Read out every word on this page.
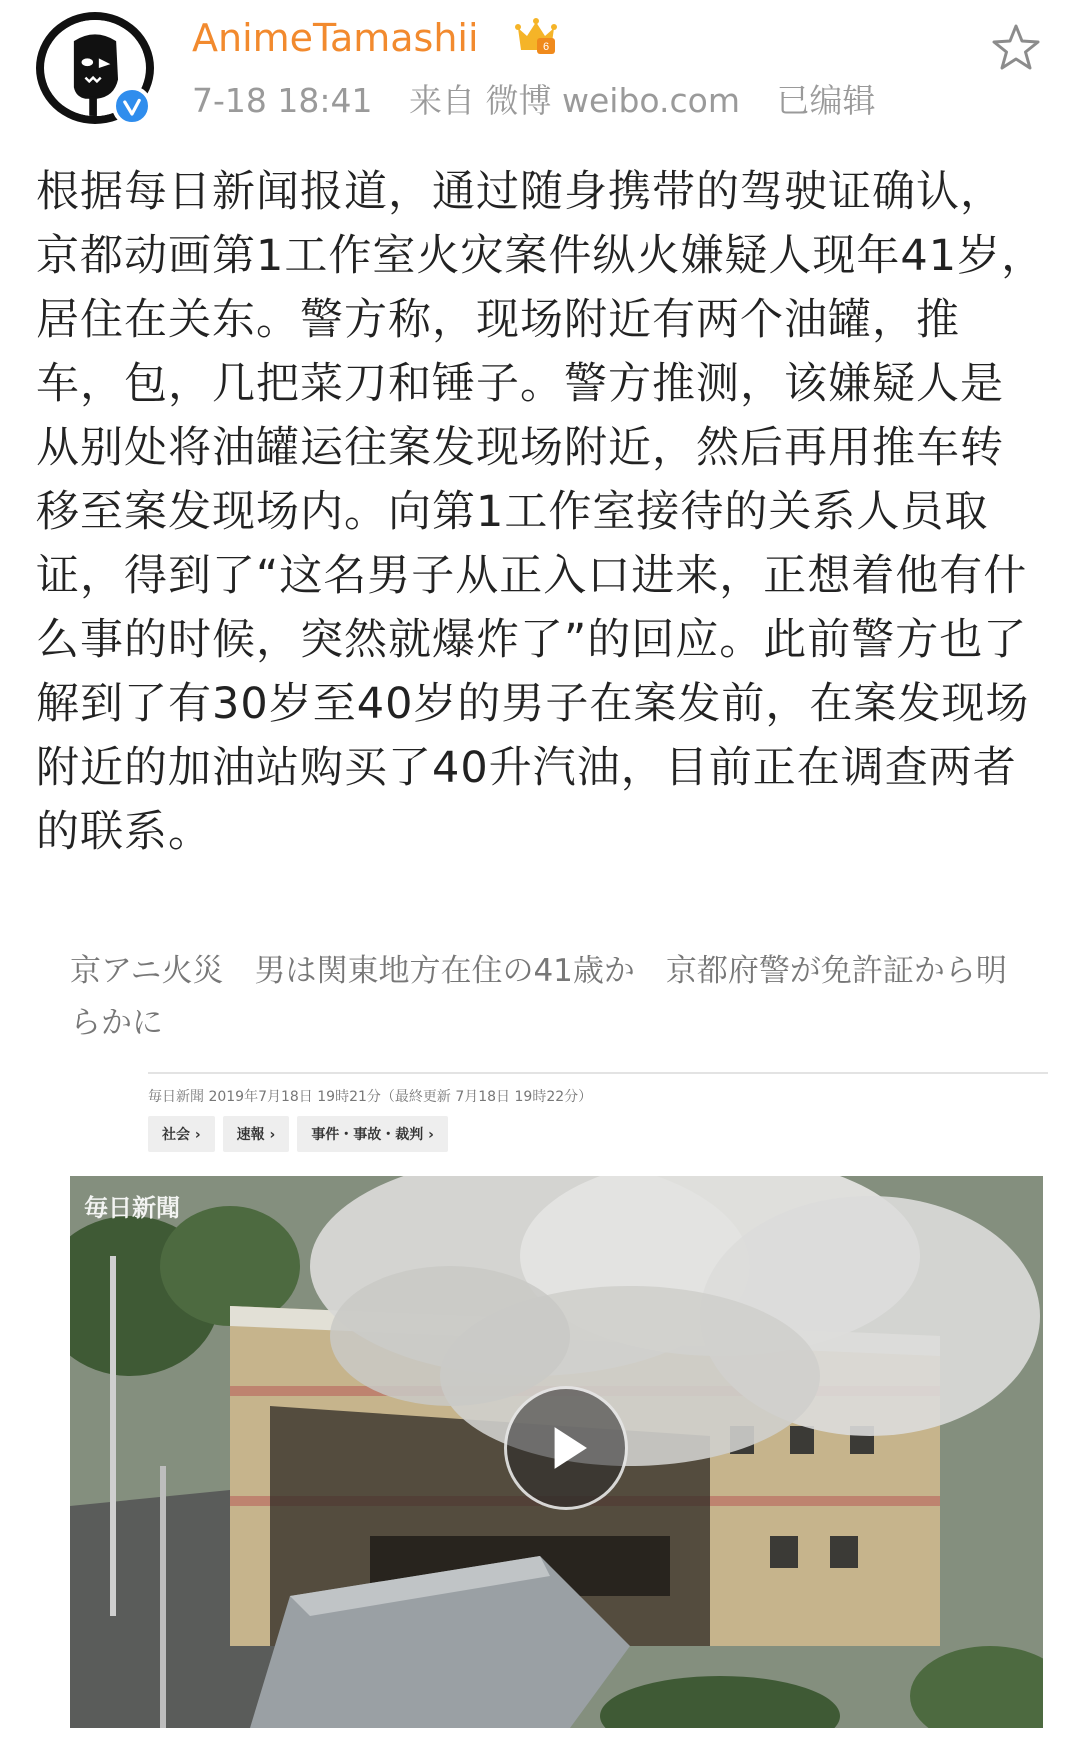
AnimeTamashii	6
7-18 18:41 来自 微博 weibo.com 已编辑
根据每日新闻报道，通过随身携带的驾驶证确认，京都动画第1工作室火灾案件纵火嫌疑人现年41岁，居住在关东。警方称，现场附近有两个油罐，推车，包，几把菜刀和锤子。警方推测，该嫌疑人是从别处将油罐运往案发现场附近，然后再用推车转移至案发现场内。向第1工作室接待的关系人员取证，得到了“这名男子从正入口进来，正想着他有什么事的时候，突然就爆炸了”的回应。此前警方也了解到了有30岁至40岁的男子在案发前，在案发现场附近的加油站购买了40升汽油，目前正在调查两者的联系。
京アニ火災　男は関東地方在住の41歳か　京都府警が免許証から明らかに
毎日新聞 2019年7月18日 19時21分（最終更新 7月18日 19時22分）
社会 ›	速報 ›	事件・事故・裁判 ›
毎日新聞
